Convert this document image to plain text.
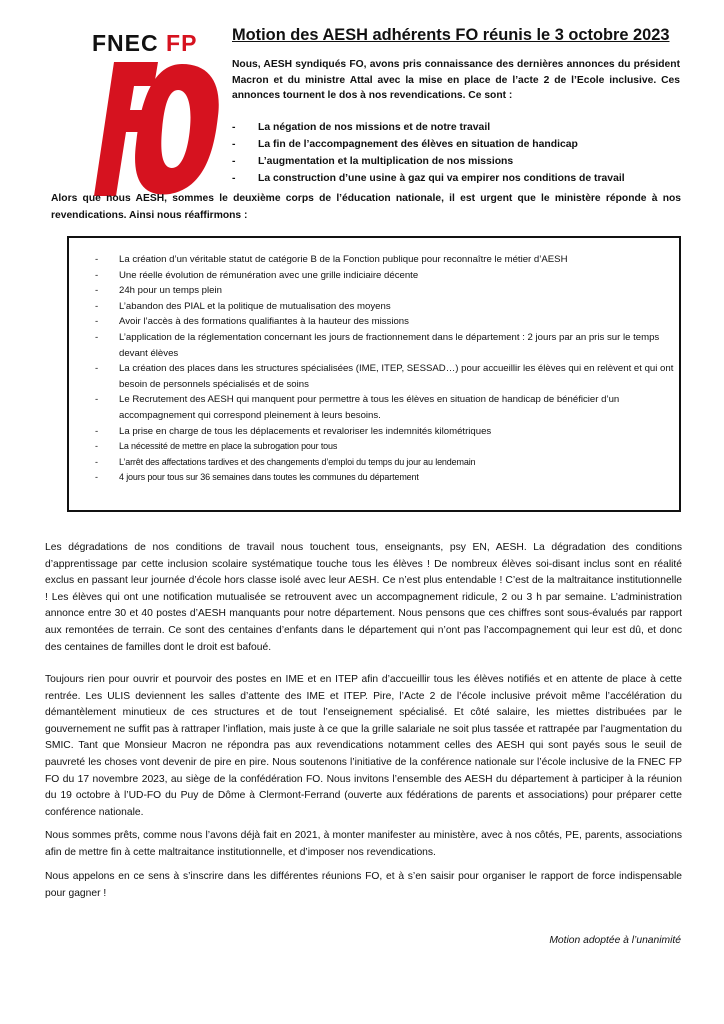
FNEC FP Motion des AESH adhérents FO réunis le 3 octobre 2023

Nous, AESH syndiqués FO, avons pris connaissance des dernières annonces du président Macron et du ministre Attal avec la mise en place de l’acte 2 de l’Ecole inclusive. Ces annonces tournent le dos à nos revendications. Ce sont :

- La négation de nos missions et de notre travail
- La fin de l’accompagnement des élèves en situation de handicap
- L’augmentation et la multiplication de nos missions
- La construction d’une usine à gaz qui va empirer nos conditions de travail

Alors que nous AESH, sommes le deuxième corps de l’éducation nationale, il est urgent que le ministère réponde à nos revendications. Ainsi nous réaffirmons :

- La création d’un véritable statut de catégorie B de la Fonction publique pour reconnaître le métier d’AESH
- Une réelle évolution de rémunération avec une grille indiciaire décente
- 24h pour un temps plein
- L’abandon des PIAL et la politique de mutualisation des moyens
- Avoir l’accès à des formations qualifiantes à la hauteur des missions
- L’application de la réglementation concernant les jours de fractionnement dans le département : 2 jours par an pris sur le temps devant élèves
- La création des places dans les structures spécialisées (IME, ITEP, SESSAD…) pour accueillir les élèves qui en relèvent et qui ont besoin de personnels spécialisés et de soins
- Le Recrutement des AESH qui manquent pour permettre à tous les élèves en situation de handicap de bénéficier d’un accompagnement qui correspond pleinement à leurs besoins.
- La prise en charge de tous les déplacements et revaloriser les indemnités kilométriques
- La nécessité de mettre en place la subrogation pour tous
- L’arrêt des affectations tardives et des changements d’emploi du temps du jour au lendemain
- 4 jours pour tous sur 36 semaines dans toutes les communes du département

Les dégradations de nos conditions de travail nous touchent tous, enseignants, psy EN, AESH. La dégradation des conditions d’apprentissage par cette inclusion scolaire systématique touche tous les élèves ! De nombreux élèves soi-disant inclus sont en réalité exclus en passant leur journée d’école hors classe isolé avec leur AESH. Ce n’est plus entendable ! C’est de la maltraitance institutionnelle ! Les élèves qui ont une notification mutualisée se retrouvent avec un accompagnement ridicule, 2 ou 3 h par semaine. L’administration annonce entre 30 et 40 postes d’AESH manquants pour notre département. Nous pensons que ces chiffres sont sous-évalués par rapport aux remontées de terrain. Ce sont des centaines d’enfants dans le département qui n’ont pas l’accompagnement qui leur est dû, et donc des centaines de familles dont le droit est bafoué.

Toujours rien pour ouvrir et pourvoir des postes en IME et en ITEP afin d’accueillir tous les élèves notifiés et en attente de place à cette rentrée. Les ULIS deviennent les salles d’attente des IME et ITEP. Pire, l’Acte 2 de l’école inclusive prévoit même l’accélération du démantèlement minutieux de ces structures et de tout l’enseignement spécialisé. Et côté salaire, les miettes distribuées par le gouvernement ne suffit pas à rattraper l’inflation, mais juste à ce que la grille salariale ne soit plus tassée et rattrapée par l’augmentation du SMIC. Tant que Monsieur Macron ne répondra pas aux revendications notamment celles des AESH qui sont payés sous le seuil de pauvreté les choses vont devenir de pire en pire. Nous soutenons l’initiative de la conférence nationale sur l’école inclusive de la FNEC FP FO du 17 novembre 2023, au siège de la confédération FO. Nous invitons l’ensemble des AESH du département à participer à la réunion du 19 octobre à l’UD-FO du Puy de Dôme à Clermont-Ferrand (ouverte aux fédérations de parents et associations) pour préparer cette conférence nationale.

Nous sommes prêts, comme nous l’avons déjà fait en 2021, à monter manifester au ministère, avec à nos côtés, PE, parents, associations afin de mettre fin à cette maltraitance institutionnelle, et d’imposer nos revendications.

Nous appelons en ce sens à s’inscrire dans les différentes réunions FO, et à s’en saisir pour organiser le rapport de force indispensable pour gagner !

Motion adoptée à l’unanimité
